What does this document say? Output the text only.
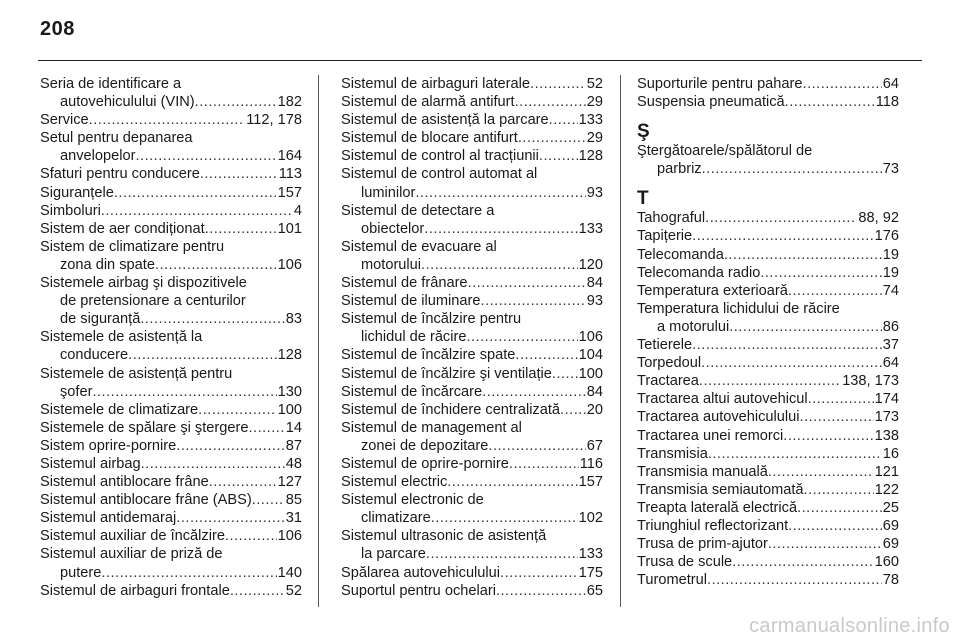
208
Seria de identificare a
autovehiculului (VIN) .....	182
Service .....	112, 178
Setul pentru depanarea
anvelopelor .....	164
Sfaturi pentru conducere .....	113
Siguranțele .....	157
Simboluri .....	4
Sistem de aer condiționat .....	101
Sistem de climatizare pentru
zona din spate .....	106
Sistemele airbag şi dispozitivele
de pretensionare a centurilor
de siguranță .....	83
Sistemele de asistență la
conducere .....	128
Sistemele de asistență pentru
şofer .....	130
Sistemele de climatizare .....	100
Sistemele de spălare şi ştergere .....	14
Sistem oprire-pornire .....	87
Sistemul airbag .....	48
Sistemul antiblocare frâne .....	127
Sistemul antiblocare frâne (ABS) ..... 85
Sistemul antidemaraj .....	31
Sistemul auxiliar de încălzire .....	106
Sistemul auxiliar de priză de
putere .....	140
Sistemul de airbaguri frontale .....	52
Sistemul de airbaguri laterale .....	52
Sistemul de alarmă antifurt .....	29
Sistemul de asistență la parcare ..... 133
Sistemul de blocare antifurt .....	29
Sistemul de control al tracțiunii .....	128
Sistemul de control automat al
luminilor .....	93
Sistemul de detectare a
obiectelor .....	133
Sistemul de evacuare al
motorului .....	120
Sistemul de frânare .....	84
Sistemul de iluminare .....	93
Sistemul de încălzire pentru
lichidul de răcire .....	106
Sistemul de încălzire spate .....	104
Sistemul de încălzire şi ventilație ..... 100
Sistemul de încărcare .....	84
Sistemul de închidere centralizată ..... 20
Sistemul de management al
zonei de depozitare .....	67
Sistemul de oprire-pornire .....	116
Sistemul electric .....	157
Sistemul electronic de
climatizare .....	102
Sistemul ultrasonic de asistență
la parcare .....	133
Spălarea autovehiculului .....	175
Suportul pentru ochelari .....	65
Suporturile pentru pahare .....	64
Suspensia pneumatică .....	118
Ş
Ştergătoarele/spălătorul de
parbriz .....	73
T
Tahograful .....	88, 92
Tapițerie .....	176
Telecomanda .....	19
Telecomanda radio .....	19
Temperatura exterioară .....	74
Temperatura lichidului de răcire
a motorului .....	86
Tetierele .....	37
Torpedoul .....	64
Tractarea .....	138, 173
Tractarea altui autovehicul .....	174
Tractarea autovehiculului .....	173
Tractarea unei remorci .....	138
Transmisia .....	16
Transmisia manuală .....	121
Transmisia semiautomată .....	122
Treapta laterală electrică .....	25
Triunghiul reflectorizant .....	69
Trusa de prim-ajutor .....	69
Trusa de scule .....	160
Turometrul .....	78
carmanualsonline.info
